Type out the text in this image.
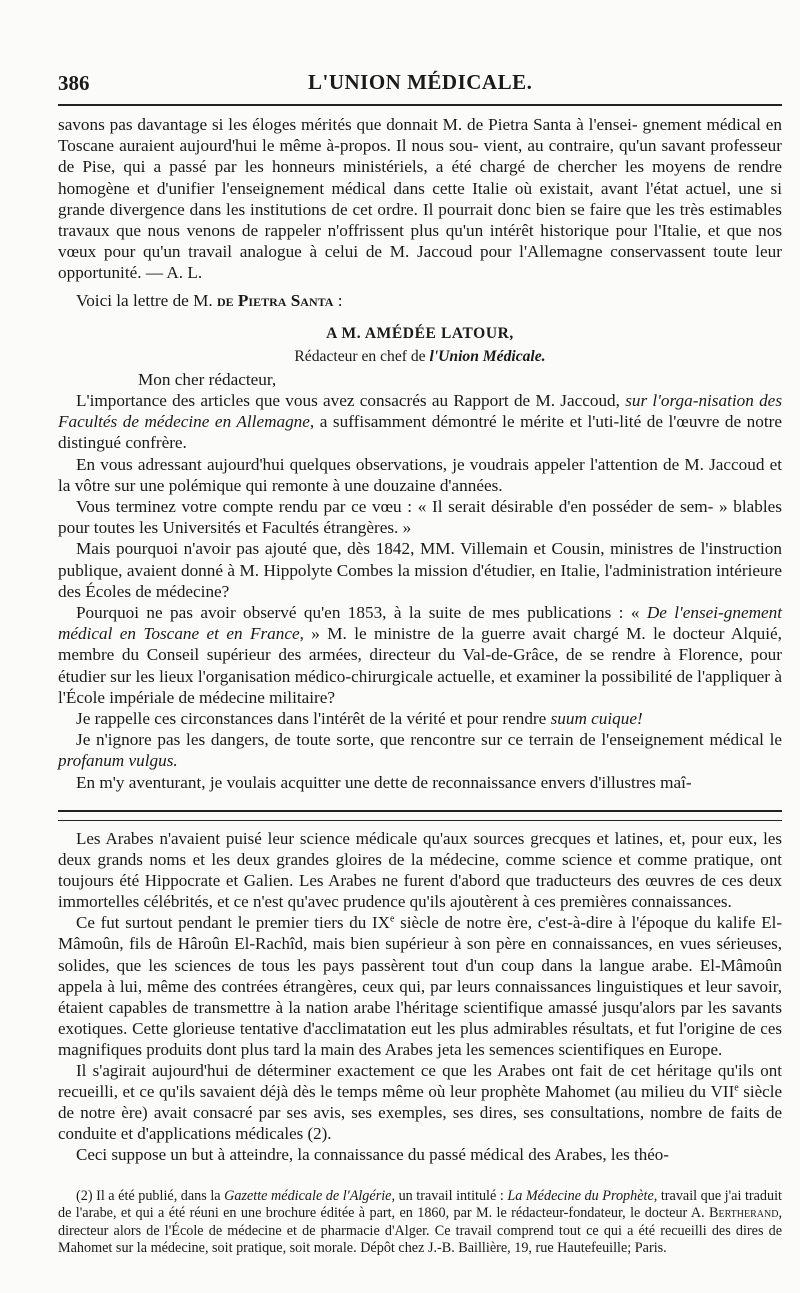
386	L'UNION MÉDICALE.

savons pas davantage si les éloges mérités que donnait M. de Pietra Santa à l'ensei- gnement médical en Toscane auraient aujourd'hui le même à-propos. Il nous sou- vient, au contraire, qu'un savant professeur de Pise, qui a passé par les honneurs ministériels, a été chargé de chercher les moyens de rendre homogène et d'unifier l'enseignement médical dans cette Italie où existait, avant l'état actuel, une si grande divergence dans les institutions de cet ordre. Il pourrait donc bien se faire que les très estimables travaux que nous venons de rappeler n'offrissent plus qu'un intérêt historique pour l'Italie, et que nos vœux pour qu'un travail analogue à celui de M. Jaccoud pour l'Allemagne conservassent toute leur opportunité. — A. L.

Voici la lettre de M. de Pietra Santa :

A M. AMÉDÉE LATOUR,

Rédacteur en chef de l'Union Médicale.

Mon cher rédacteur,

L'importance des articles que vous avez consacrés au Rapport de M. Jaccoud, sur l'orga-nisation des Facultés de médecine en Allemagne, a suffisamment démontré le mérite et l'uti-lité de l'œuvre de notre distingué confrère.

En vous adressant aujourd'hui quelques observations, je voudrais appeler l'attention de M. Jaccoud et la vôtre sur une polémique qui remonte à une douzaine d'années.

Vous terminez votre compte rendu par ce vœu : « Il serait désirable d'en posséder de sem- » blables pour toutes les Universités et Facultés étrangères. »

Mais pourquoi n'avoir pas ajouté que, dès 1842, MM. Villemain et Cousin, ministres de l'instruction publique, avaient donné à M. Hippolyte Combes la mission d'étudier, en Italie, l'administration intérieure des Écoles de médecine?

Pourquoi ne pas avoir observé qu'en 1853, à la suite de mes publications : « De l'ensei-gnement médical en Toscane et en France, » M. le ministre de la guerre avait chargé M. le docteur Alquié, membre du Conseil supérieur des armées, directeur du Val-de-Grâce, de se rendre à Florence, pour étudier sur les lieux l'organisation médico-chirurgicale actuelle, et examiner la possibilité de l'appliquer à l'École impériale de médecine militaire?

Je rappelle ces circonstances dans l'intérêt de la vérité et pour rendre suum cuique!

Je n'ignore pas les dangers, de toute sorte, que rencontre sur ce terrain de l'enseignement médical le profanum vulgus.

En m'y aventurant, je voulais acquitter une dette de reconnaissance envers d'illustres maî-

Les Arabes n'avaient puisé leur science médicale qu'aux sources grecques et latines, et, pour eux, les deux grands noms et les deux grandes gloires de la médecine, comme science et comme pratique, ont toujours été Hippocrate et Galien. Les Arabes ne furent d'abord que traducteurs des œuvres de ces deux immortelles célébrités, et ce n'est qu'avec prudence qu'ils ajoutèrent à ces premières connaissances.

Ce fut surtout pendant le premier tiers du IXe siècle de notre ère, c'est-à-dire à l'époque du kalife El-Mâmoûn, fils de Hâroûn El-Rachîd, mais bien supérieur à son père en connaissances, en vues sérieuses, solides, que les sciences de tous les pays passèrent tout d'un coup dans la langue arabe. El-Mâmoûn appela à lui, même des contrées étrangères, ceux qui, par leurs connaissances linguistiques et leur savoir, étaient capables de transmettre à la nation arabe l'héritage scientifique amassé jusqu'alors par les savants exotiques. Cette glorieuse tentative d'acclimatation eut les plus admirables résultats, et fut l'origine de ces magnifiques produits dont plus tard la main des Arabes jeta les semences scientifiques en Europe.

Il s'agirait aujourd'hui de déterminer exactement ce que les Arabes ont fait de cet héritage qu'ils ont recueilli, et ce qu'ils savaient déjà dès le temps même où leur prophète Mahomet (au milieu du VIIe siècle de notre ère) avait consacré par ses avis, ses exemples, ses dires, ses consultations, nombre de faits de conduite et d'applications médicales (2).

Ceci suppose un but à atteindre, la connaissance du passé médical des Arabes, les théo-

(2) Il a été publié, dans la Gazette médicale de l'Algérie, un travail intitulé : La Médecine du Prophète, travail que j'ai traduit de l'arabe, et qui a été réuni en une brochure éditée à part, en 1860, par M. le rédacteur-fondateur, le docteur A. Bertherand, directeur alors de l'École de médecine et de pharmacie d'Alger. Ce travail comprend tout ce qui a été recueilli des dires de Mahomet sur la médecine, soit pratique, soit morale. Dépôt chez J.-B. Baillière, 19, rue Hautefeuille; Paris.
